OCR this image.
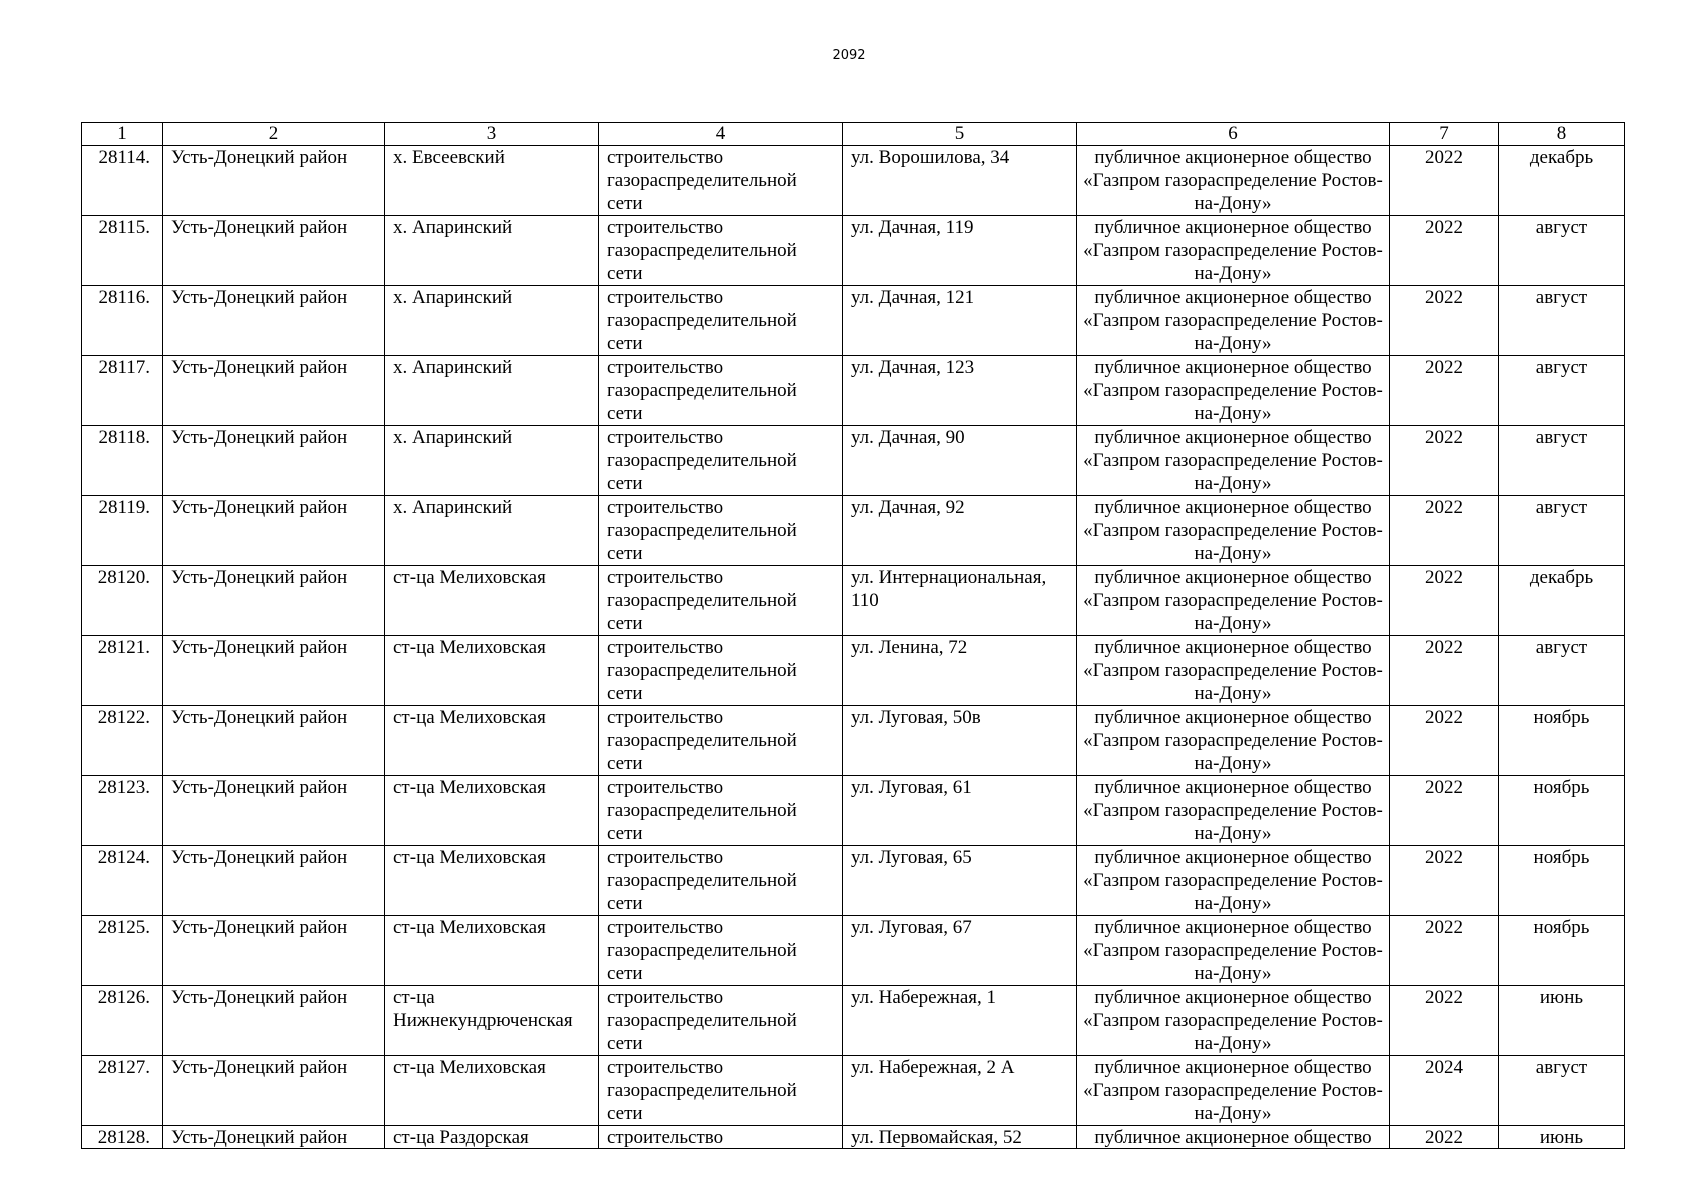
2092
1	2	3	4	5	6	7	8

28114.	Усть-Донецкий район	х. Евсеевский	строительство газораспределительной сети	ул. Ворошилова, 34	публичное акционерное общество «Газпром газораспределение Ростов-на-Дону»	2022	декабрь

28115.	Усть-Донецкий район	х. Апаринский	строительство газораспределительной сети	ул. Дачная, 119	публичное акционерное общество «Газпром газораспределение Ростов-на-Дону»	2022	август

28116.	Усть-Донецкий район	х. Апаринский	строительство газораспределительной сети	ул. Дачная, 121	публичное акционерное общество «Газпром газораспределение Ростов-на-Дону»	2022	август

28117.	Усть-Донецкий район	х. Апаринский	строительство газораспределительной сети	ул. Дачная, 123	публичное акционерное общество «Газпром газораспределение Ростов-на-Дону»	2022	август

28118.	Усть-Донецкий район	х. Апаринский	строительство газораспределительной сети	ул. Дачная, 90	публичное акционерное общество «Газпром газораспределение Ростов-на-Дону»	2022	август

28119.	Усть-Донецкий район	х. Апаринский	строительство газораспределительной сети	ул. Дачная, 92	публичное акционерное общество «Газпром газораспределение Ростов-на-Дону»	2022	август

28120.	Усть-Донецкий район	ст-ца Мелиховская	строительство газораспределительной сети	ул. Интернациональная, 110	публичное акционерное общество «Газпром газораспределение Ростов-на-Дону»	2022	декабрь

28121.	Усть-Донецкий район	ст-ца Мелиховская	строительство газораспределительной сети	ул. Ленина, 72	публичное акционерное общество «Газпром газораспределение Ростов-на-Дону»	2022	август

28122.	Усть-Донецкий район	ст-ца Мелиховская	строительство газораспределительной сети	ул. Луговая, 50в	публичное акционерное общество «Газпром газораспределение Ростов-на-Дону»	2022	ноябрь

28123.	Усть-Донецкий район	ст-ца Мелиховская	строительство газораспределительной сети	ул. Луговая, 61	публичное акционерное общество «Газпром газораспределение Ростов-на-Дону»	2022	ноябрь

28124.	Усть-Донецкий район	ст-ца Мелиховская	строительство газораспределительной сети	ул. Луговая, 65	публичное акционерное общество «Газпром газораспределение Ростов-на-Дону»	2022	ноябрь

28125.	Усть-Донецкий район	ст-ца Мелиховская	строительство газораспределительной сети	ул. Луговая, 67	публичное акционерное общество «Газпром газораспределение Ростов-на-Дону»	2022	ноябрь

28126.	Усть-Донецкий район	ст-ца Нижнекундрюченская	строительство газораспределительной сети	ул. Набережная, 1	публичное акционерное общество «Газпром газораспределение Ростов-на-Дону»	2022	июнь

28127.	Усть-Донецкий район	ст-ца Мелиховская	строительство газораспределительной сети	ул. Набережная, 2 А	публичное акционерное общество «Газпром газораспределение Ростов-на-Дону»	2024	август

28128.	Усть-Донецкий район	ст-ца Раздорская	строительство	ул. Первомайская, 52	публичное акционерное общество	2022	июнь
